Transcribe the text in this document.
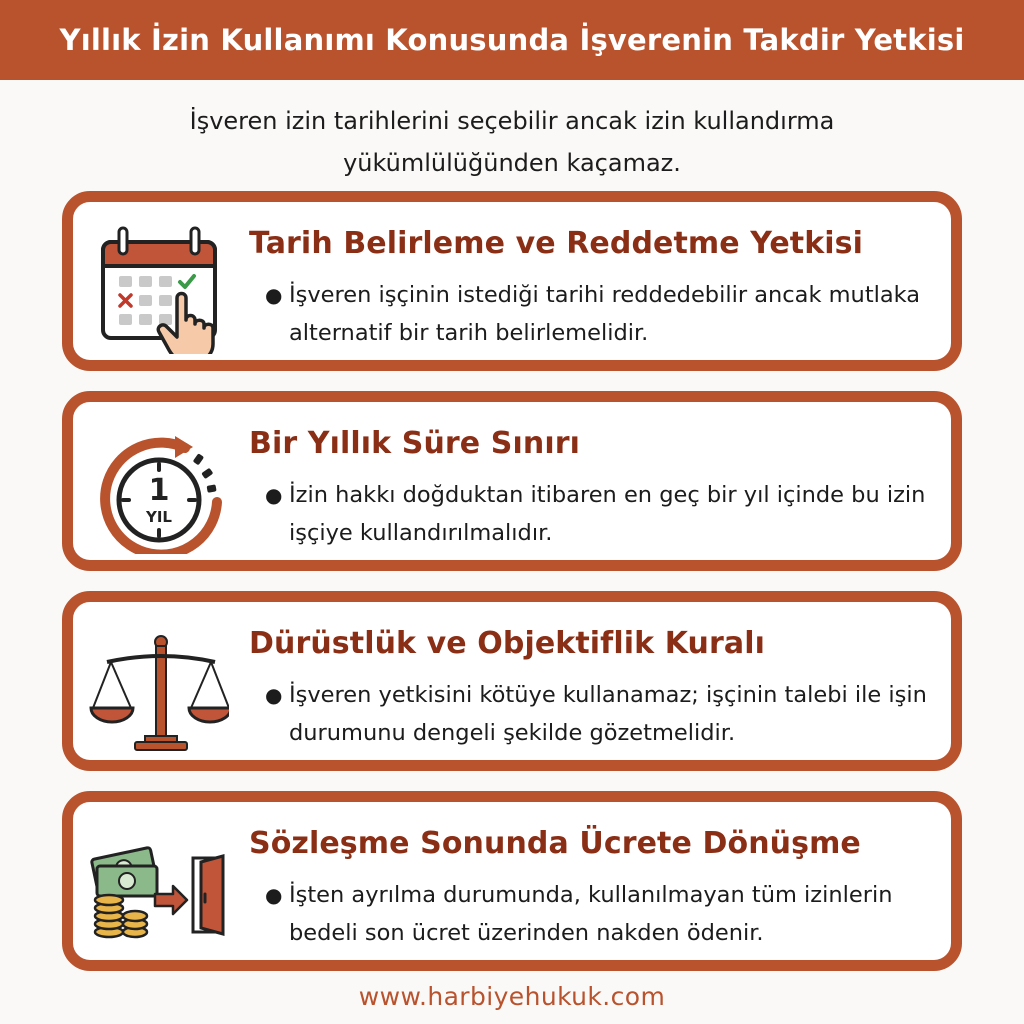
Yıllık İzin Kullanımı Konusunda İşverenin Takdir Yetkisi
İşveren izin tarihlerini seçebilir ancak izin kullandırma yükümlülüğünden kaçamaz.
Tarih Belirleme ve Reddetme Yetkisi
● İşveren işçinin istediği tarihi reddedebilir ancak mutlaka alternatif bir tarih belirlemelidir.
1
YIL
Bir Yıllık Süre Sınırı
● İzin hakkı doğduktan itibaren en geç bir yıl içinde bu izin işçiye kullandırılmalıdır.
Dürüstlük ve Objektiflik Kuralı
● İşveren yetkisini kötüye kullanamaz; işçinin talebi ile işin durumunu dengeli şekilde gözetmelidir.
Sözleşme Sonunda Ücrete Dönüşme
● İşten ayrılma durumunda, kullanılmayan tüm izinlerin bedeli son ücret üzerinden nakden ödenir.
www.harbiyehukuk.com
